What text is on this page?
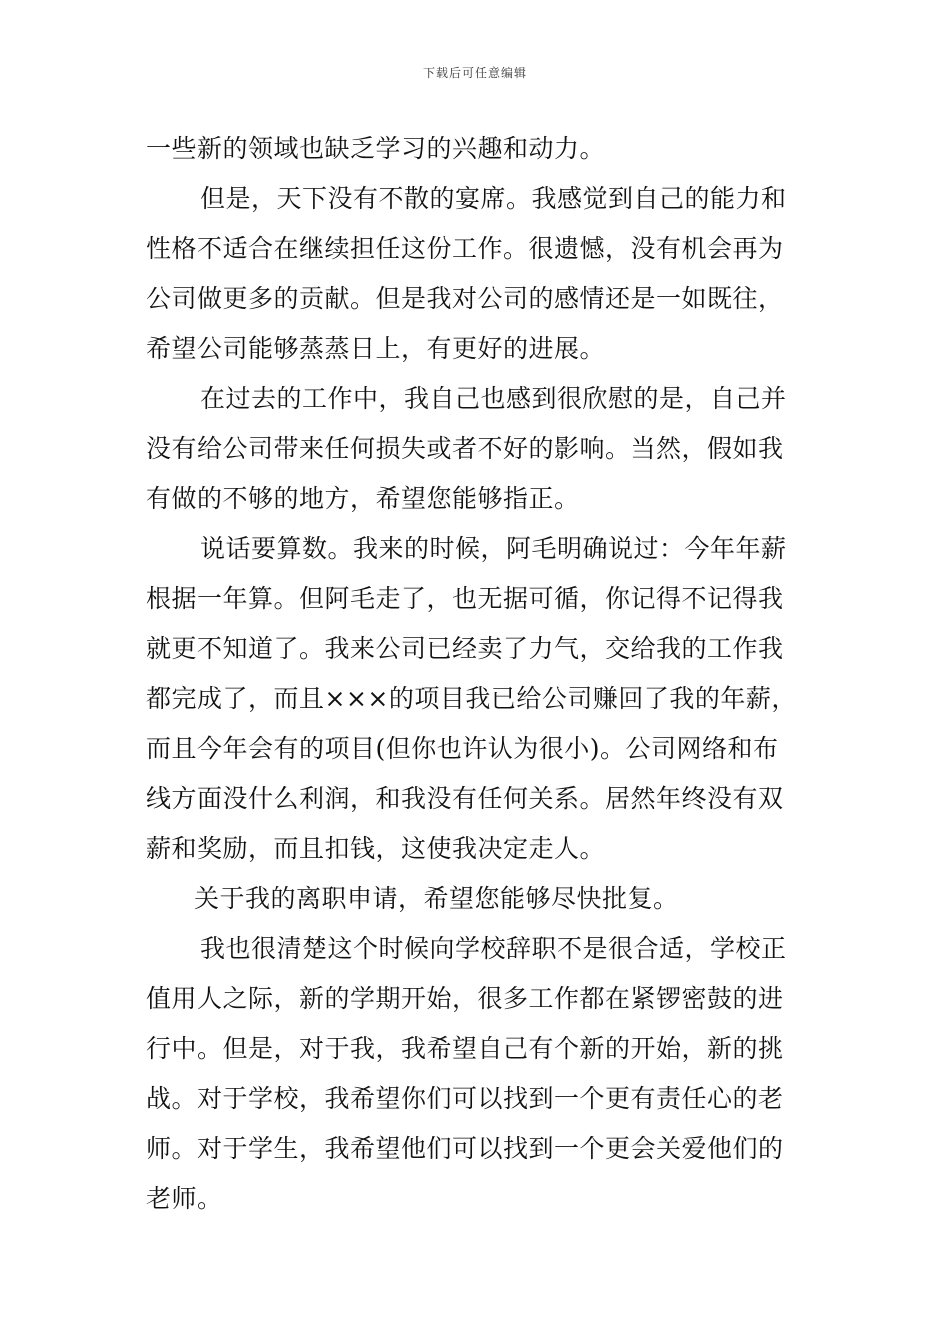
下载后可任意编辑

一些新的领域也缺乏学习的兴趣和动力。

但是，天下没有不散的宴席。我感觉到自己的能力和

性格不适合在继续担任这份工作。很遗憾，没有机会再为

公司做更多的贡献。但是我对公司的感情还是一如既往，

希望公司能够蒸蒸日上，有更好的进展。

在过去的工作中，我自己也感到很欣慰的是，自己并

没有给公司带来任何损失或者不好的影响。当然，假如我

有做的不够的地方，希望您能够指正。

说话要算数。我来的时候，阿毛明确说过：今年年薪

根据一年算。但阿毛走了，也无据可循，你记得不记得我

就更不知道了。我来公司已经卖了力气，交给我的工作我

都完成了，而且×××的项目我已给公司赚回了我的年薪，

而且今年会有的项目(但你也许认为很小)。公司网络和布

线方面没什么利润，和我没有任何关系。居然年终没有双

薪和奖励，而且扣钱，这使我决定走人。

关于我的离职申请，希望您能够尽快批复。

我也很清楚这个时候向学校辞职不是很合适，学校正

值用人之际，新的学期开始，很多工作都在紧锣密鼓的进

行中。但是，对于我，我希望自己有个新的开始，新的挑

战。对于学校，我希望你们可以找到一个更有责任心的老

师。对于学生，我希望他们可以找到一个更会关爱他们的

老师。
